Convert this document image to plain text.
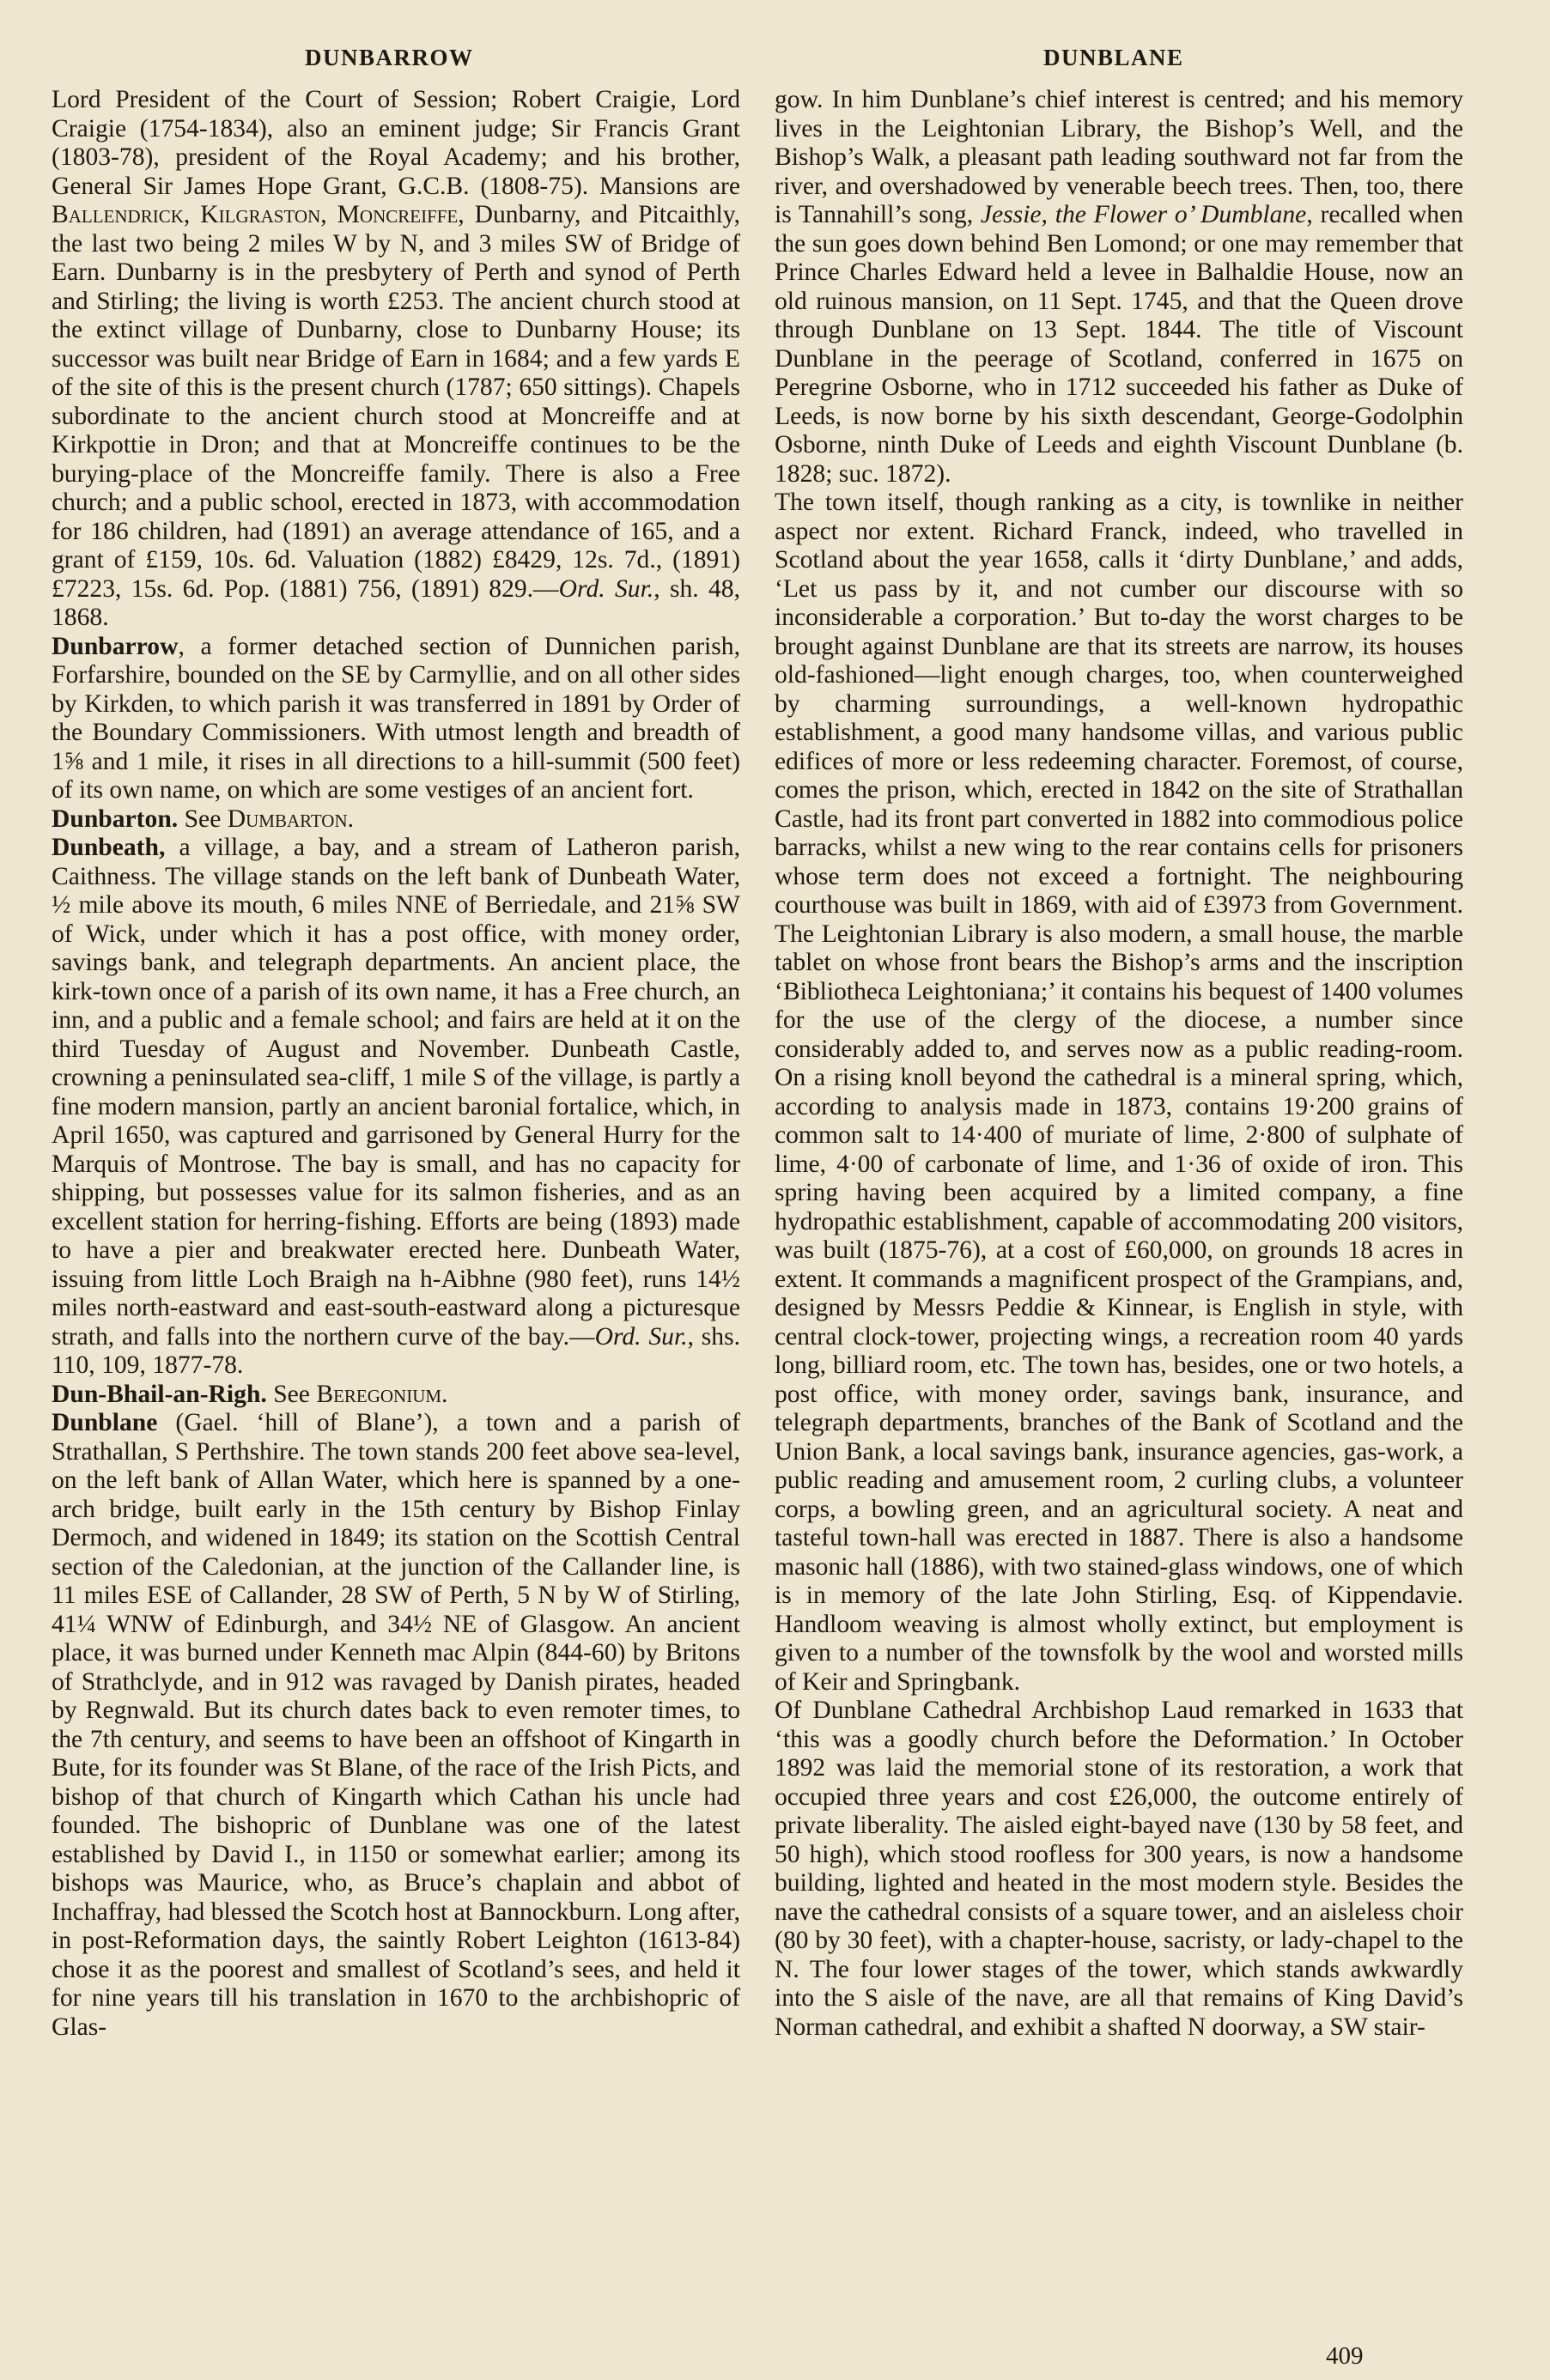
DUNBARROW	DUNBLANE

Lord President of the Court of Session; Robert Craigie, Lord Craigie (1754-1834), also an eminent judge; Sir Francis Grant (1803-78), president of the Royal Academy; and his brother, General Sir James Hope Grant, G.C.B. (1808-75). Mansions are Ballendrick, Kilgraston, Moncreiffe, Dunbarny, and Pitcaithly, the last two being 2 miles W by N, and 3 miles SW of Bridge of Earn. Dunbarny is in the presbytery of Perth and synod of Perth and Stirling; the living is worth £253. The ancient church stood at the extinct village of Dunbarny, close to Dunbarny House; its successor was built near Bridge of Earn in 1684; and a few yards E of the site of this is the present church (1787; 650 sittings). Chapels subordinate to the ancient church stood at Moncreiffe and at Kirkpottie in Dron; and that at Moncreiffe continues to be the burying-place of the Moncreiffe family. There is also a Free church; and a public school, erected in 1873, with accommodation for 186 children, had (1891) an average attendance of 165, and a grant of £159, 10s. 6d. Valuation (1882) £8429, 12s. 7d., (1891) £7223, 15s. 6d. Pop. (1881) 756, (1891) 829.—Ord. Sur., sh. 48, 1868.

Dunbarrow, a former detached section of Dunnichen parish, Forfarshire, bounded on the SE by Carmyllie, and on all other sides by Kirkden, to which parish it was transferred in 1891 by Order of the Boundary Commissioners. With utmost length and breadth of 1⅝ and 1 mile, it rises in all directions to a hill-summit (500 feet) of its own name, on which are some vestiges of an ancient fort.

Dunbarton. See Dumbarton.

Dunbeath, a village, a bay, and a stream of Latheron parish, Caithness. The village stands on the left bank of Dunbeath Water, ½ mile above its mouth, 6 miles NNE of Berriedale, and 21⅝ SW of Wick, under which it has a post office, with money order, savings bank, and telegraph departments. An ancient place, the kirk-town once of a parish of its own name, it has a Free church, an inn, and a public and a female school; and fairs are held at it on the third Tuesday of August and November. Dunbeath Castle, crowning a peninsulated sea-cliff, 1 mile S of the village, is partly a fine modern mansion, partly an ancient baronial fortalice, which, in April 1650, was captured and garrisoned by General Hurry for the Marquis of Montrose. The bay is small, and has no capacity for shipping, but possesses value for its salmon fisheries, and as an excellent station for herring-fishing. Efforts are being (1893) made to have a pier and breakwater erected here. Dunbeath Water, issuing from little Loch Braigh na h-Aibhne (980 feet), runs 14½ miles north-eastward and east-south-eastward along a picturesque strath, and falls into the northern curve of the bay.—Ord. Sur., shs. 110, 109, 1877-78.

Dun-Bhail-an-Righ. See Beregonium.

Dunblane (Gael. ‘hill of Blane’), a town and a parish of Strathallan, S Perthshire. The town stands 200 feet above sea-level, on the left bank of Allan Water, which here is spanned by a one-arch bridge, built early in the 15th century by Bishop Finlay Dermoch, and widened in 1849; its station on the Scottish Central section of the Caledonian, at the junction of the Callander line, is 11 miles ESE of Callander, 28 SW of Perth, 5 N by W of Stirling, 41¼ WNW of Edinburgh, and 34½ NE of Glasgow. An ancient place, it was burned under Kenneth mac Alpin (844-60) by Britons of Strathclyde, and in 912 was ravaged by Danish pirates, headed by Regnwald. But its church dates back to even remoter times, to the 7th century, and seems to have been an offshoot of Kingarth in Bute, for its founder was St Blane, of the race of the Irish Picts, and bishop of that church of Kingarth which Cathan his uncle had founded. The bishopric of Dunblane was one of the latest established by David I., in 1150 or somewhat earlier; among its bishops was Maurice, who, as Bruce’s chaplain and abbot of Inchaffray, had blessed the Scotch host at Bannockburn. Long after, in post-Reformation days, the saintly Robert Leighton (1613-84) chose it as the poorest and smallest of Scotland’s sees, and held it for nine years till his translation in 1670 to the archbishopric of Glas-

gow. In him Dunblane’s chief interest is centred; and his memory lives in the Leightonian Library, the Bishop’s Well, and the Bishop’s Walk, a pleasant path leading southward not far from the river, and overshadowed by venerable beech trees. Then, too, there is Tannahill’s song, Jessie, the Flower o’ Dumblane, recalled when the sun goes down behind Ben Lomond; or one may remember that Prince Charles Edward held a levee in Balhaldie House, now an old ruinous mansion, on 11 Sept. 1745, and that the Queen drove through Dunblane on 13 Sept. 1844. The title of Viscount Dunblane in the peerage of Scotland, conferred in 1675 on Peregrine Osborne, who in 1712 succeeded his father as Duke of Leeds, is now borne by his sixth descendant, George-Godolphin Osborne, ninth Duke of Leeds and eighth Viscount Dunblane (b. 1828; suc. 1872).

The town itself, though ranking as a city, is townlike in neither aspect nor extent. Richard Franck, indeed, who travelled in Scotland about the year 1658, calls it ‘dirty Dunblane,’ and adds, ‘Let us pass by it, and not cumber our discourse with so inconsiderable a corporation.’ But to-day the worst charges to be brought against Dunblane are that its streets are narrow, its houses old-fashioned—light enough charges, too, when counterweighed by charming surroundings, a well-known hydropathic establishment, a good many handsome villas, and various public edifices of more or less redeeming character. Foremost, of course, comes the prison, which, erected in 1842 on the site of Strathallan Castle, had its front part converted in 1882 into commodious police barracks, whilst a new wing to the rear contains cells for prisoners whose term does not exceed a fortnight. The neighbouring courthouse was built in 1869, with aid of £3973 from Government. The Leightonian Library is also modern, a small house, the marble tablet on whose front bears the Bishop’s arms and the inscription ‘Bibliotheca Leightoniana;’ it contains his bequest of 1400 volumes for the use of the clergy of the diocese, a number since considerably added to, and serves now as a public reading-room. On a rising knoll beyond the cathedral is a mineral spring, which, according to analysis made in 1873, contains 19·200 grains of common salt to 14·400 of muriate of lime, 2·800 of sulphate of lime, 4·00 of carbonate of lime, and 1·36 of oxide of iron. This spring having been acquired by a limited company, a fine hydropathic establishment, capable of accommodating 200 visitors, was built (1875-76), at a cost of £60,000, on grounds 18 acres in extent. It commands a magnificent prospect of the Grampians, and, designed by Messrs Peddie & Kinnear, is English in style, with central clock-tower, projecting wings, a recreation room 40 yards long, billiard room, etc. The town has, besides, one or two hotels, a post office, with money order, savings bank, insurance, and telegraph departments, branches of the Bank of Scotland and the Union Bank, a local savings bank, insurance agencies, gas-work, a public reading and amusement room, 2 curling clubs, a volunteer corps, a bowling green, and an agricultural society. A neat and tasteful town-hall was erected in 1887. There is also a handsome masonic hall (1886), with two stained-glass windows, one of which is in memory of the late John Stirling, Esq. of Kippendavie. Handloom weaving is almost wholly extinct, but employment is given to a number of the townsfolk by the wool and worsted mills of Keir and Springbank.

Of Dunblane Cathedral Archbishop Laud remarked in 1633 that ‘this was a goodly church before the Deformation.’ In October 1892 was laid the memorial stone of its restoration, a work that occupied three years and cost £26,000, the outcome entirely of private liberality. The aisled eight-bayed nave (130 by 58 feet, and 50 high), which stood roofless for 300 years, is now a handsome building, lighted and heated in the most modern style. Besides the nave the cathedral consists of a square tower, and an aisleless choir (80 by 30 feet), with a chapter-house, sacristy, or lady-chapel to the N. The four lower stages of the tower, which stands awkwardly into the S aisle of the nave, are all that remains of King David’s Norman cathedral, and exhibit a shafted N doorway, a SW stair-

409
